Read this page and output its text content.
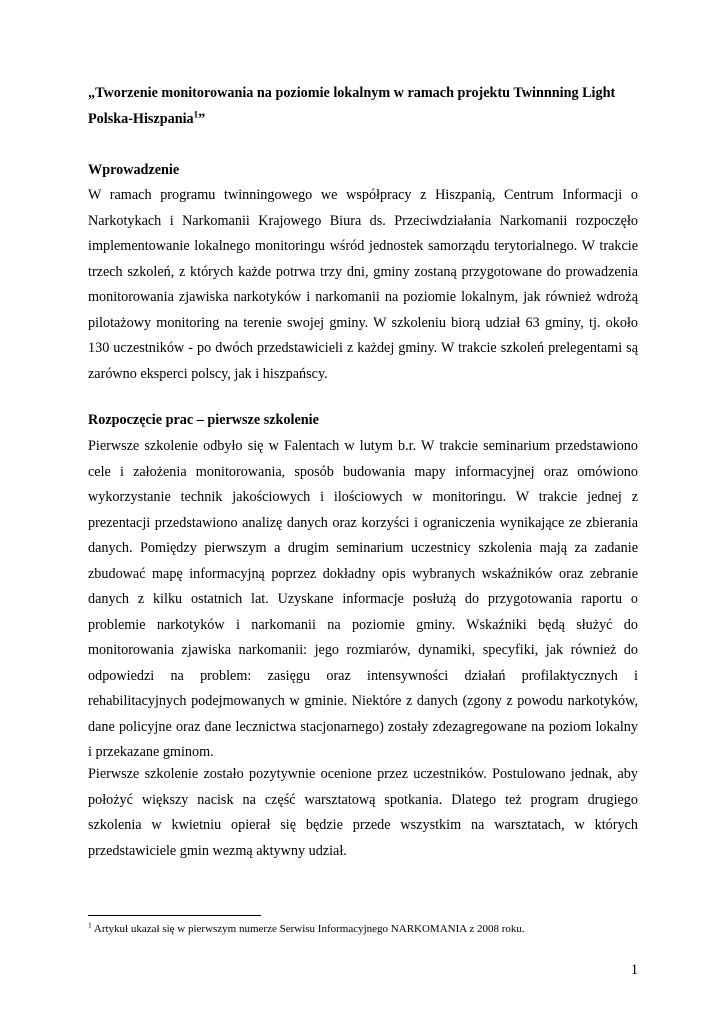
„Tworzenie monitorowania na poziomie lokalnym w ramach projektu Twinnning Light Polska-Hiszpania$^1$”
Wprowadzenie

W ramach programu twinningowego we współpracy z Hiszpanią, Centrum Informacji o Narkotykach i Narkomanii Krajowego Biura ds. Przeciwdziałania Narkomanii rozpoczęło implementowanie lokalnego monitoringu wśród jednostek samorządu terytorialnego. W trakcie trzech szkoleń, z których każde potrwa trzy dni, gminy zostaną przygotowane do prowadzenia monitorowania zjawiska narkotyków i narkomanii na poziomie lokalnym, jak również wdrożą pilotażowy monitoring na terenie swojej gminy. W szkoleniu biorą udział 63 gminy, tj. około 130 uczestników - po dwóch przedstawicieli z każdej gminy. W trakcie szkoleń prelegentami są zarówno eksperci polscy, jak i hiszpańscy.

Rozpoczęcie prac – pierwsze szkolenie

Pierwsze szkolenie odbyło się w Falentach w lutym b.r. W trakcie seminarium przedstawiono cele i założenia monitorowania, sposób budowania mapy informacyjnej oraz omówiono wykorzystanie technik jakościowych i ilościowych w monitoringu. W trakcie jednej z prezentacji przedstawiono analizę danych oraz korzyści i ograniczenia wynikające ze zbierania danych. Pomiędzy pierwszym a drugim seminarium uczestnicy szkolenia mają za zadanie zbudować mapę informacyjną poprzez dokładny opis wybranych wskaźników oraz zebranie danych z kilku ostatnich lat. Uzyskane informacje posłużą do przygotowania raportu o problemie narkotyków i narkomanii na poziomie gminy. Wskaźniki będą służyć do monitorowania zjawiska narkomanii: jego rozmiarów, dynamiki, specyfiki, jak również do odpowiedzi na problem: zasięgu oraz intensywności działań profilaktycznych i rehabilitacyjnych podejmowanych w gminie. Niektóre z danych (zgony z powodu narkotyków, dane policyjne oraz dane lecznictwa stacjonarnego) zostały zdezagregowane na poziom lokalny i przekazane gminom.

Pierwsze szkolenie zostało pozytywnie ocenione przez uczestników. Postulowano jednak, aby położyć większy nacisk na część warsztatową spotkania. Dlatego też program drugiego szkolenia w kwietniu opierał się będzie przede wszystkim na warsztatach, w których przedstawiciele gmin wezmą aktywny udział.

$^1$ Artykuł ukazał się w pierwszym numerze Serwisu Informacyjnego NARKOMANIA z 2008 roku.

1
